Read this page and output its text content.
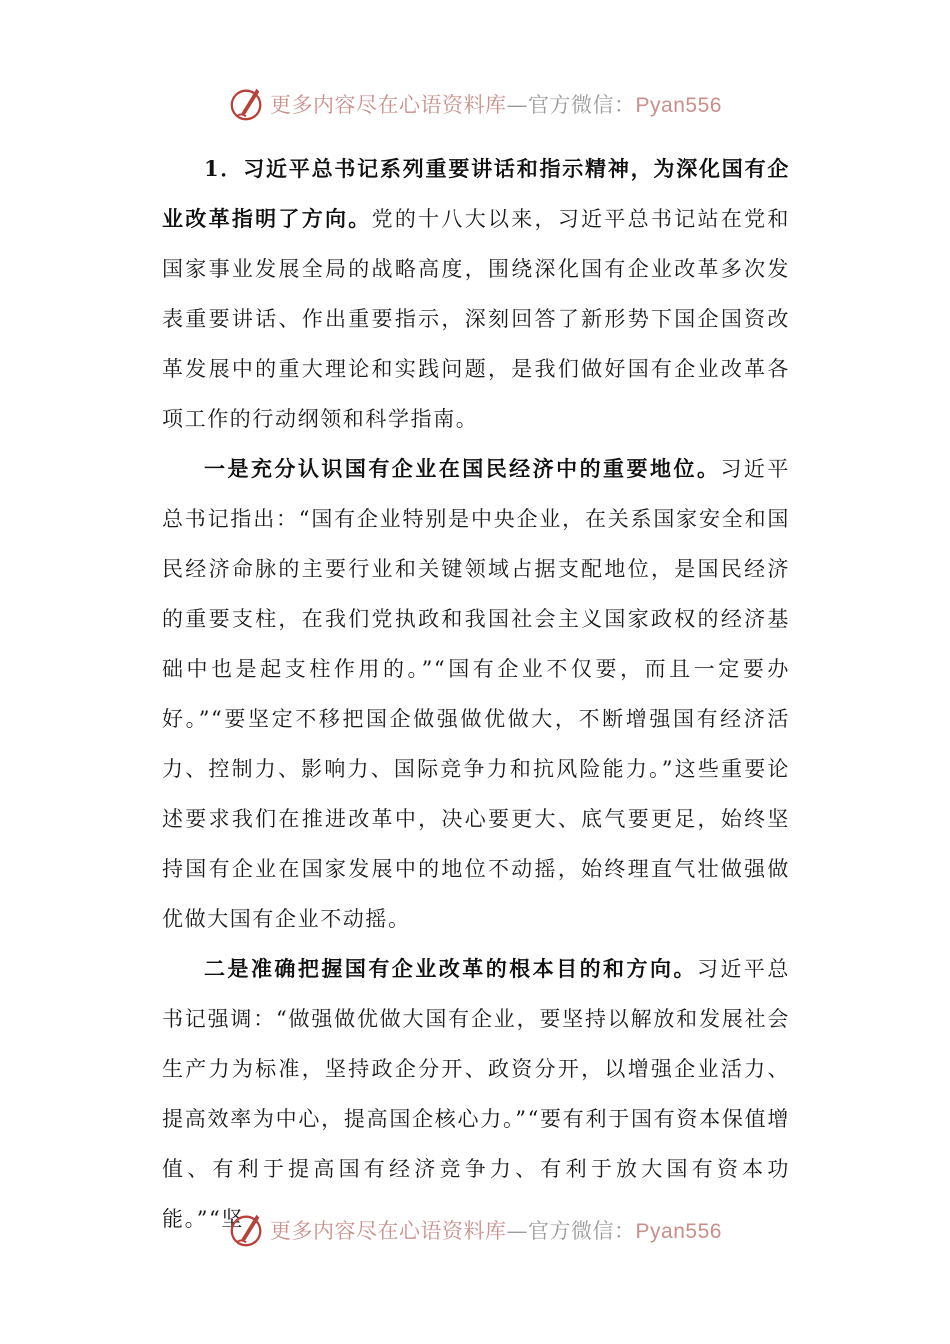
更多内容尽在心语资料库—官方微信：Pyan556

1．习近平总书记系列重要讲话和指示精神，为深化国有企业改革指明了方向。党的十八大以来，习近平总书记站在党和国家事业发展全局的战略高度，围绕深化国有企业改革多次发表重要讲话、作出重要指示，深刻回答了新形势下国企国资改革发展中的重大理论和实践问题，是我们做好国有企业改革各项工作的行动纲领和科学指南。

一是充分认识国有企业在国民经济中的重要地位。习近平总书记指出：“国有企业特别是中央企业，在关系国家安全和国民经济命脉的主要行业和关键领域占据支配地位，是国民经济的重要支柱，在我们党执政和我国社会主义国家政权的经济基础中也是起支柱作用的。”“国有企业不仅要，而且一定要办好。”“要坚定不移把国企做强做优做大，不断增强国有经济活力、控制力、影响力、国际竞争力和抗风险能力。”这些重要论述要求我们在推进改革中，决心要更大、底气要更足，始终坚持国有企业在国家发展中的地位不动摇，始终理直气壮做强做优做大国有企业不动摇。

二是准确把握国有企业改革的根本目的和方向。习近平总书记强调：“做强做优做大国有企业，要坚持以解放和发展社会生产力为标准，坚持政企分开、政资分开，以增强企业活力、提高效率为中心，提高国企核心力。”“要有利于国有资本保值增值、有利于提高国有经济竞争力、有利于放大国有资本功能。”“坚	更多内容尽在心语资料库—官方微信：Pyan556
